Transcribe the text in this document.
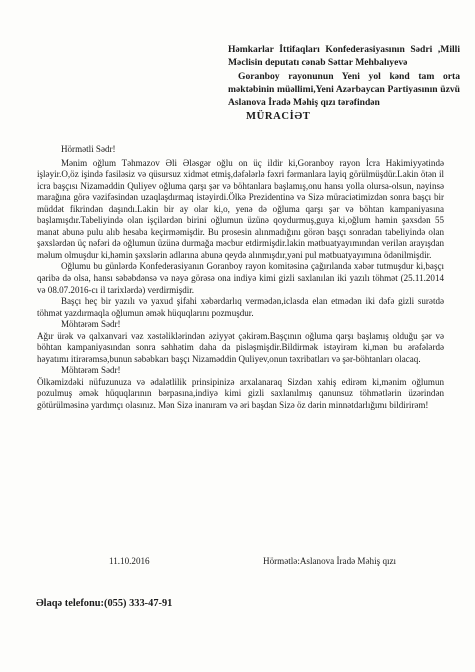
Həmkarlar İttifaqları Konfederasiyasının Sədri ,Milli Məclisin deputatı cənab Səttar Mehbalıyevə

Goranboy rayonunun Yeni yol kənd tam orta məktəbinin müəllimi,Yeni Azərbaycan Partiyasının üzvü Aslanova İradə Məhiş qızı tərəfindən

MÜRACİƏT

Hörmətli Sədr!

Mənim oğlum Təhmazov Əli Ələsgər oğlu on üç ildir ki,Goranboy rayon İcra Hakimiyyətində işləyir.O,öz işində fasiləsiz və qüsursuz xidmət etmiş,dəfələrlə fəxri fərmanlara layiq görülmüşdür.Lakin ötən il icra başçısı Nizaməddin Quliyev oğluma qarşı şər və böhtanlara başlamış,onu hansı yolla olursa-olsun, nəyinsə marağına görə vəzifəsindən uzaqlaşdırmaq istəyirdi.Ölkə Prezidentinə və Sizə müraciətimizdən sonra başçı bir müddət fikrindən daşındı.Lakin bir ay olar ki,o, yenə də oğluma qarşı şər və böhtan kampaniyasına başlamışdır.Tabeliyində olan işçilərdən birini oğlumun üzünə qoydurmuş,guya ki,oğlum həmin şəxsdən 55 manat abunə pulu alıb hesaba keçirməmişdir. Bu prosesin alınmadığını görən başçı sonradan tabeliyində olan şəxslərdən üç nəfəri də oğlumun üzünə durmağa məcbur etdirmişdir.lakin mətbuatyayımından verilən arayışdan məlum olmuşdur ki,həmin şəxslərin adlarına abunə qeydə alınmışdır,yəni pul mətbuatyayımına ödənilmişdir.

Oğlumu bu günlərdə Konfederasiyanın Goranboy rayon komitəsinə çağırılanda xəbər tutmuşdur ki,başçı qəribə də olsa, hansı səbəbdənsə və nəyə görəsə ona indiyə kimi gizli saxlanılan iki yazılı töhmət (25.11.2014 və 08.07.2016-cı il tarixlərdə) verdirmişdir.

Başçı heç bir yazılı və yaxud şifahi xəbərdarlıq vermədən,iclasda elan etmədən iki dəfə gizli surətdə töhmət yazdırmaqla oğlumun əmək hüquqlarını pozmuşdur.

Möhtərəm Sədr!

Ağır ürək və qalxanvari vəz xəstəliklərindən əziyyət çəkirəm.Başçının oğluma qarşı başlamış olduğu şər və böhtan kampaniyasından sonra səhhətim daha da pisləşmişdir.Bildirmək istəyirəm ki,mən bu ərəfələrdə həyatımı itirərəmsə,bunun səbəbkarı başçı Nizaməddin Quliyev,onun təxribatları və şər-böhtanları olacaq.

Möhtərəm Sədr!

Ölkəmizdəki nüfuzunuza və ədalətlilik prinsipinizə arxalanaraq Sizdən xahiş edirəm ki,mənim oğlumun pozulmuş əmək hüquqlarının bərpasına,indiyə kimi gizli saxlanılmış qanunsuz töhmətlərin üzərindən götürülməsinə yardımçı olasınız. Mən Sizə inanıram və əri başdan Sizə öz dərin minnətdarlığımı bildirirəm!

11.10.2016	Hörmətlə:Aslanova İradə Məhiş qızı
Əlaqə telefonu:(055) 333-47-91
